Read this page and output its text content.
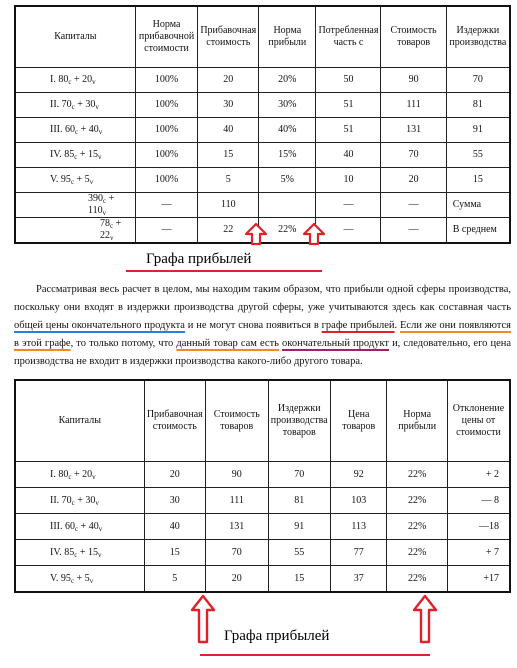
Капиталы	Норма прибавочной стоимости	Прибавочная стоимость	Норма прибыли	Потребленная часть с	Стоимость товаров	Издержки производства
I. $80_c + 20_v$	100%	20	20%	50	90	70
II. $70_c + 30_v$	100%	30	30%	51	111	81
III. $60_c + 40_v$	100%	40	40%	51	131	91
IV. $85_c + 15_v$	100%	15	15%	40	70	55
V. $95_c + 5_v$	100%	5	5%	10	20	15
$390_c + 110_v$	—	110		—	—	Сумма
$78_c + 22_v$	—	22	22%	—	—	В среднем
Графа прибылей

Рассматривая весь расчет в целом, мы находим таким образом, что прибыли одной сферы производства, поскольку они входят в издержки производства другой сферы, уже учитываются здесь как составная часть общей цены окончательного продукта и не могут снова появиться в графе прибылей. Если же они появляются в этой графе, то только потому, что данный товар сам есть окончательный продукт и, следовательно, его цена производства не входит в издержки производства какого-либо другого товара.

Капиталы	Прибавочная стоимость	Стоимость товаров	Издержки производства товаров	Цена товаров	Норма прибыли	Отклонение цены от стоимости
I. $80_c + 20_v$	20	90	70	92	22%	+ 2
II. $70_c + 30_v$	30	111	81	103	22%	— 8
III. $60_c + 40_v$	40	131	91	113	22%	—18
IV. $85_c + 15_v$	15	70	55	77	22%	+ 7
V. $95_c + 5_v$	5	20	15	37	22%	+17
Графа прибылей
